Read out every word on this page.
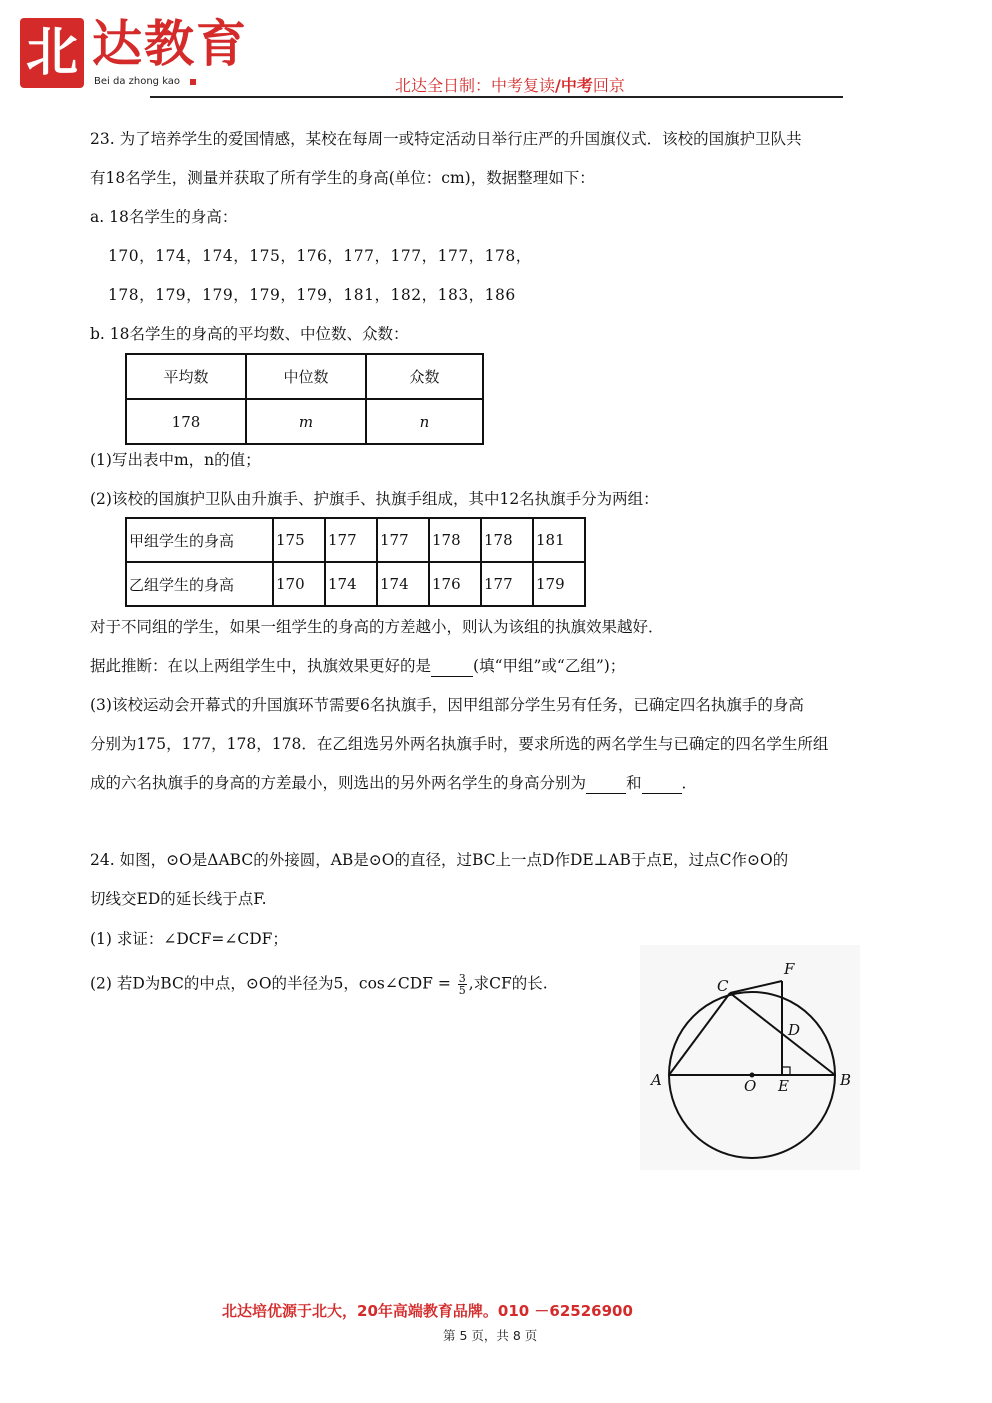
北 达教育
Bei da zhong kao	北达全日制：中考复读/中考回京
23. 为了培养学生的爱国情感，某校在每周一或特定活动日举行庄严的升国旗仪式．该校的国旗护卫队共
有18名学生，测量并获取了所有学生的身高(单位：cm)，数据整理如下：
a. 18名学生的身高：
170，174，174，175，176，177，177，177，178，
178，179，179，179，179，181，182，183，186
b. 18名学生的身高的平均数、中位数、众数：
平均数	中位数	众数
178	m	n
(1)写出表中m，n的值；
(2)该校的国旗护卫队由升旗手、护旗手、执旗手组成，其中12名执旗手分为两组：
甲组学生的身高	175	177	177	178	178	181
乙组学生的身高	170	174	174	176	177	179
对于不同组的学生，如果一组学生的身高的方差越小，则认为该组的执旗效果越好．
据此推断：在以上两组学生中，执旗效果更好的是	(填“甲组”或“乙组”)；
(3)该校运动会开幕式的升国旗环节需要6名执旗手，因甲组部分学生另有任务，已确定四名执旗手的身高
分别为175，177，178，178．在乙组选另外两名执旗手时，要求所选的两名学生与已确定的四名学生所组
成的六名执旗手的身高的方差最小，则选出的另外两名学生的身高分别为	和	．
24. 如图，⊙O是ΔABC的外接圆，AB是⊙O的直径，过BC上一点D作DE⊥AB于点E，过点C作⊙O的
切线交ED的延长线于点F.
(1) 求证：∠DCF=∠CDF；
(2) 若D为BC的中点，⊙O的半径为5，cos∠CDF = $\frac{3}{5}$ ,求CF的长.
A	B
C
D
E
F
O
北达培优源于北大，20年高端教育品牌。010 －62526900
第 5 页，共 8 页
